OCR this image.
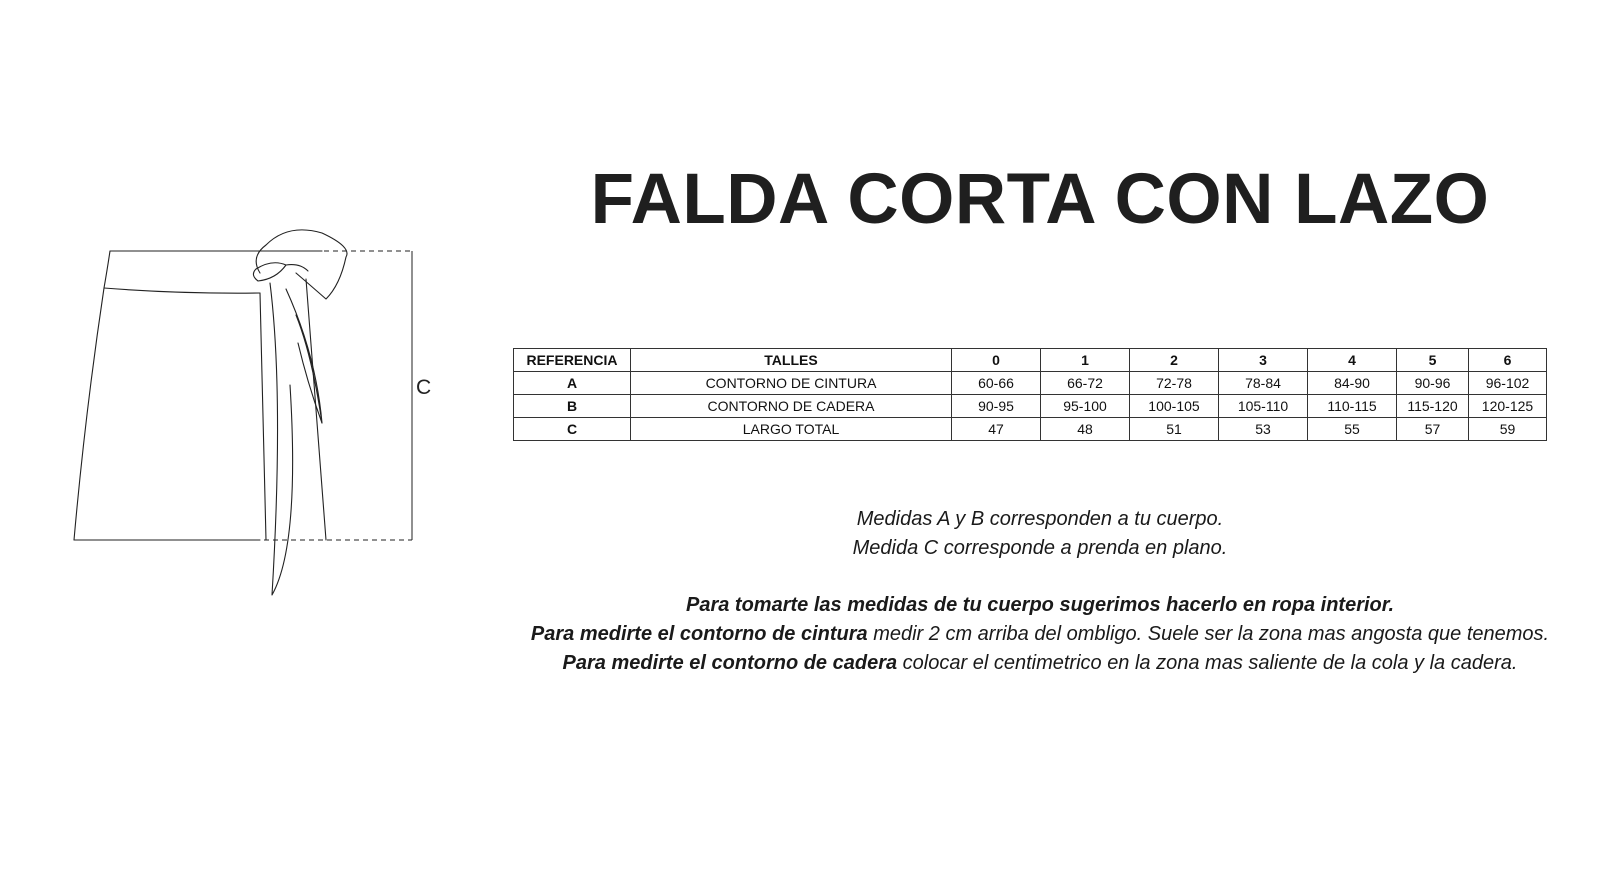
FALDA CORTA CON LAZO
C
REFERENCIA	TALLES	0	1	2	3	4	5	6
A	CONTORNO DE CINTURA	60-66	66-72	72-78	78-84	84-90	90-96	96-102
B	CONTORNO DE CADERA	90-95	95-100	100-105	105-110	110-115	115-120	120-125
C	LARGO TOTAL	47	48	51	53	55	57	59

Medidas A y B corresponden a tu cuerpo.

Medida C corresponde a prenda en plano.

Para tomarte las medidas de tu cuerpo sugerimos hacerlo en ropa interior.

Para medirte el contorno de cintura medir 2 cm arriba del ombligo. Suele ser la zona mas angosta que tenemos.

Para medirte el contorno de cadera colocar el centimetrico en la zona mas saliente de la cola y la cadera.
